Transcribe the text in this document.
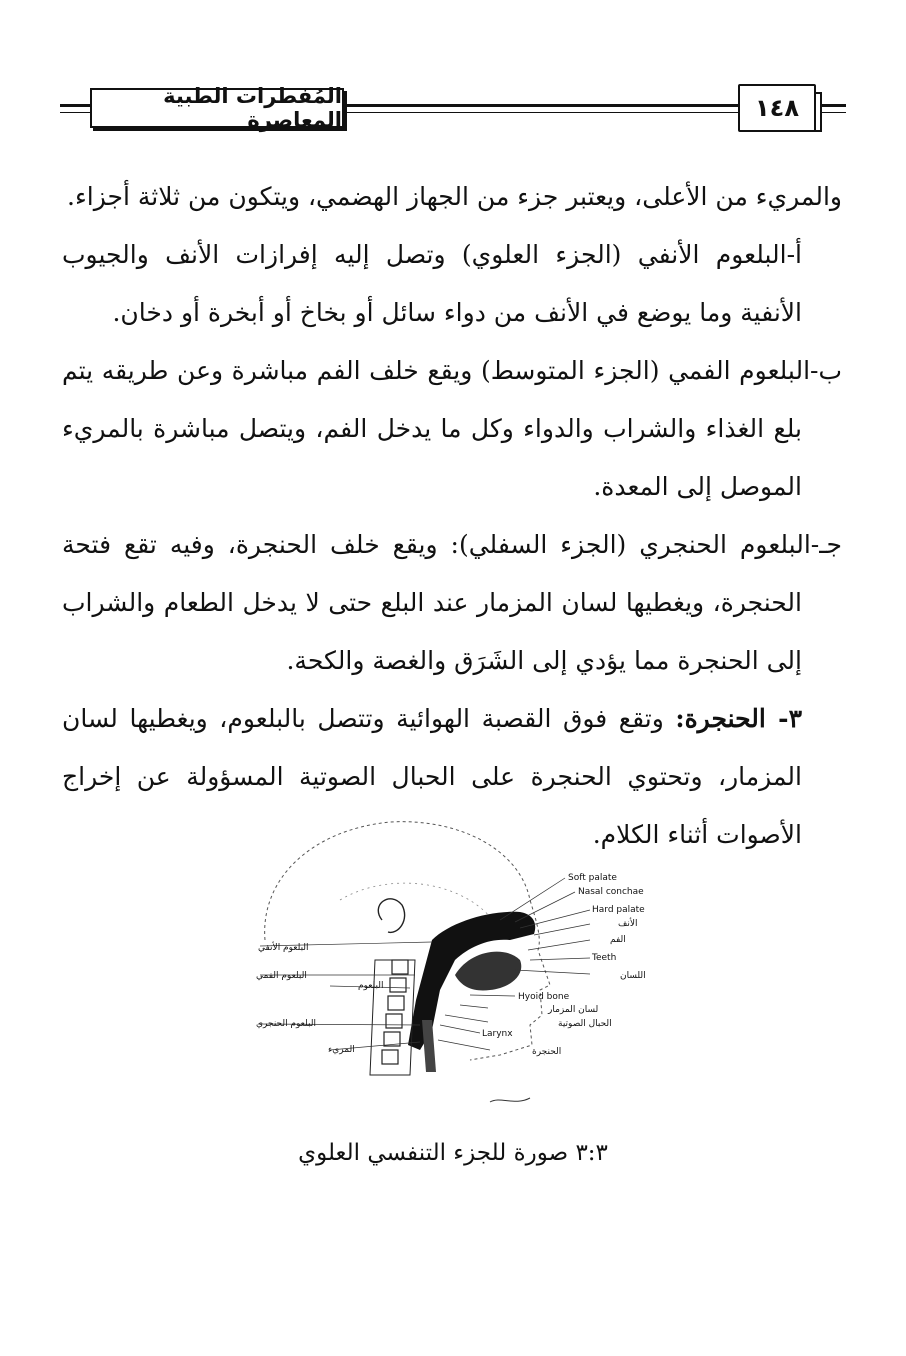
المُفطرات الطبية المعاصرة	١٤٨

والمريء من الأعلى، ويعتبر جزء من الجهاز الهضمي، ويتكون من ثلاثة أجزاء.

أ-البلعوم الأنفي (الجزء العلوي) وتصل إليه إفرازات الأنف والجيوب الأنفية وما يوضع في الأنف من دواء سائل أو بخاخ أو أبخرة أو دخان.

ب-البلعوم الفمي (الجزء المتوسط) ويقع خلف الفم مباشرة وعن طريقه يتم بلع الغذاء والشراب والدواء وكل ما يدخل الفم، ويتصل مباشرة بالمريء الموصل إلى المعدة.

جـ-البلعوم الحنجري (الجزء السفلي): ويقع خلف الحنجرة، وفيه تقع فتحة الحنجرة، ويغطيها لسان المزمار عند البلع حتى لا يدخل الطعام والشراب إلى الحنجرة مما يؤدي إلى الشَرَق والغصة والكحة.

٣- الحنجرة: وتقع فوق القصبة الهوائية وتتصل بالبلعوم، ويغطيها لسان المزمار، وتحتوي الحنجرة على الحبال الصوتية المسؤولة عن إخراج الأصوات أثناء الكلام.

Soft palate
Nasal conchae
Hard palate
الأنف
الفم
Teeth
اللسان
Hyoid bone
لسان المزمار
الحبال الصوتية
Larynx
الحنجرة
البلعوم الأنفي
البلعوم الفمي
البلعوم
البلعوم الحنجري
المريء
٣:٣ صورة للجزء التنفسي العلوي
